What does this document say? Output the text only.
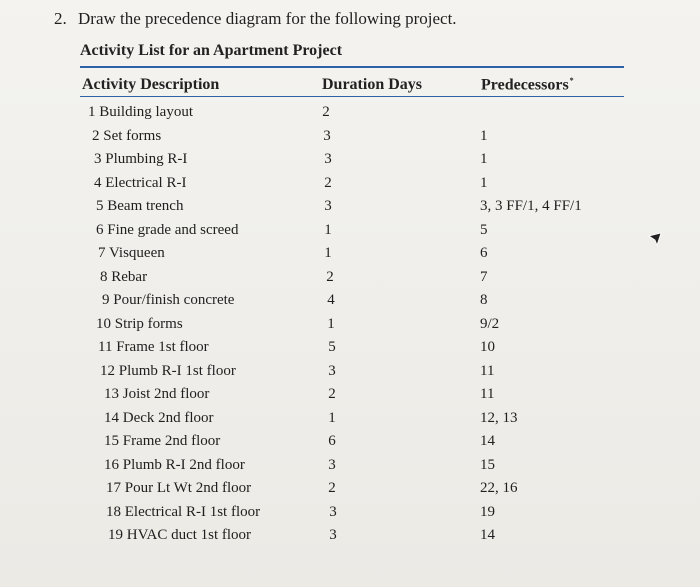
2. Draw the precedence diagram for the following project.
Activity List for an Apartment Project
Activity Description	Duration Days	Predecessors*
1 Building layout	2
2 Set forms	3	1
3 Plumbing R-I	3	1
4 Electrical R-I	2	1
5 Beam trench	3	3, 3 FF/1, 4 FF/1
6 Fine grade and screed	1	5
7 Visqueen	1	6
8 Rebar	2	7
9 Pour/finish concrete	4	8
10 Strip forms	1	9/2
11 Frame 1st floor	5	10
12 Plumb R-I 1st floor	3	11
13 Joist 2nd floor	2	11
14 Deck 2nd floor	1	12, 13
15 Frame 2nd floor	6	14
16 Plumb R-I 2nd floor	3	15
17 Pour Lt Wt 2nd floor	2	22, 16
18 Electrical R-I 1st floor	3	19
19 HVAC duct 1st floor	3	14
